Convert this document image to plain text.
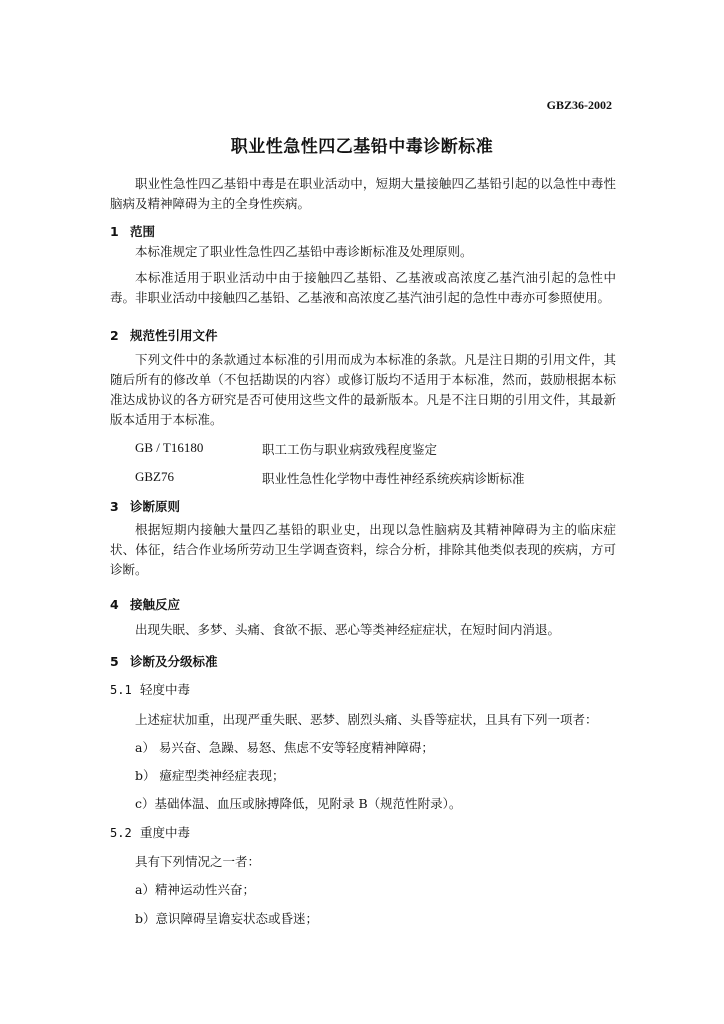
GBZ36-2002
职业性急性四乙基铅中毒诊断标准
职业性急性四乙基铅中毒是在职业活动中，短期大量接触四乙基铅引起的以急性中毒性脑病及精神障碍为主的全身性疾病。
1 范围
本标准规定了职业性急性四乙基铅中毒诊断标准及处理原则。
本标准适用于职业活动中由于接触四乙基铅、乙基液或高浓度乙基汽油引起的急性中毒。非职业活动中接触四乙基铅、乙基液和高浓度乙基汽油引起的急性中毒亦可参照使用。
2 规范性引用文件
下列文件中的条款通过本标准的引用而成为本标准的条款。凡是注日期的引用文件，其随后所有的修改单（不包括勘误的内容）或修订版均不适用于本标准，然而，鼓励根据本标准达成协议的各方研究是否可使用这些文件的最新版本。凡是不注日期的引用文件，其最新版本适用于本标准。
GB / T16180	职工工伤与职业病致残程度鉴定
GBZ76	职业性急性化学物中毒性神经系统疾病诊断标准
3 诊断原则
根据短期内接触大量四乙基铅的职业史，出现以急性脑病及其精神障碍为主的临床症状、体征，结合作业场所劳动卫生学调查资料，综合分析，排除其他类似表现的疾病，方可诊断。
4 接触反应
出现失眠、多梦、头痛、食欲不振、恶心等类神经症症状，在短时间内消退。
5 诊断及分级标准
5.1 轻度中毒
上述症状加重，出现严重失眠、恶梦、剧烈头痛、头昏等症状，且具有下列一项者：
a） 易兴奋、急躁、易怒、焦虑不安等轻度精神障碍；
b） 癔症型类神经症表现；
c）基础体温、血压或脉搏降低，见附录 B（规范性附录）。
5.2 重度中毒
具有下列情况之一者：
a）精神运动性兴奋；
b）意识障碍呈谵妄状态或昏迷；
